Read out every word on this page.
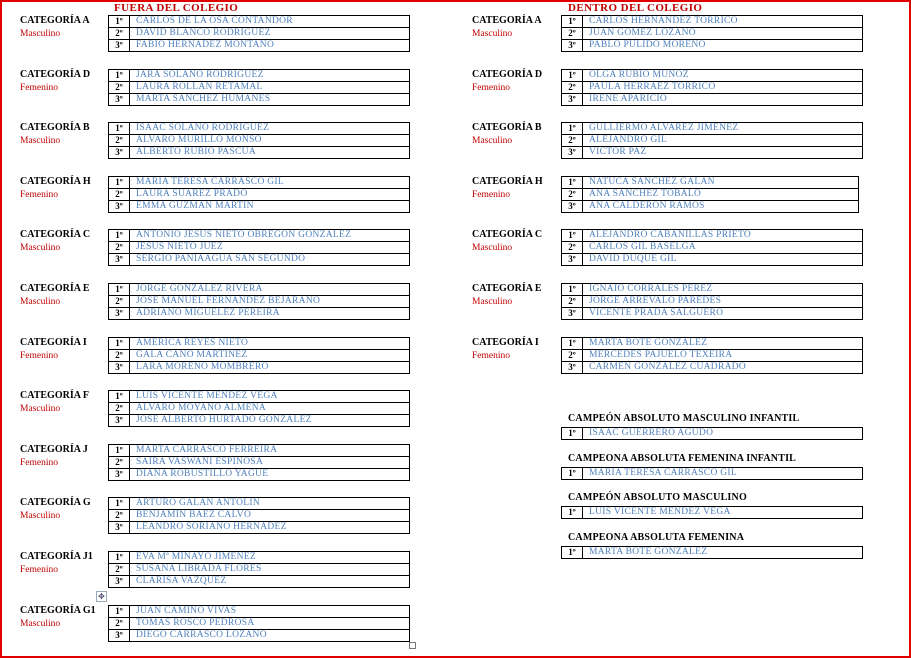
FUERA DEL COLEGIO	DENTRO DEL COLEGIO
CATEGORÍA A
Masculino
1º	CARLOS DE LA OSA CONTANDOR
2º	DAVID BLANCO RODRIGUEZ
3º	FABIO HERNADEZ MONTAÑO
CATEGORÍA D
Femenino
1º	JARA SOLANO RODRIGUEZ
2º	LAURA ROLLAN RETAMAL
3º	MARTA SANCHEZ HUMANES
CATEGORÍA B
Masculino
1º	ISAAC SOLANO RODRIGUEZ
2º	ALVARO MURILLO MONSO
3º	ALBERTO RUBIO PASCUA
CATEGORÍA H
Femenino
1º	MARIA TERESA CARRASCO GIL
2º	LAURA SUAREZ PRADO
3º	EMMA GUZMAN MARTIN
CATEGORÍA C
Masculino
1º	ANTONIO JESUS NIETO OBREGON GONZALEZ
2º	JESUS NIETO JUEZ
3º	SERGIO PANIAAGUA SAN SEGUNDO
CATEGORÍA E
Masculino
1º	JORGE GONZALEZ RIVERA
2º	JOSE MANUEL FERNANDEZ BEJARANO
3º	ADRIANO MIGUELEZ PEREIRA
CATEGORÍA I
Femenino
1º	AMERICA REYES NIETO
2º	GALA CANO MARTINEZ
3º	LARA MORENO MOMBRERO
CATEGORÍA F
Masculino
1º	LUIS VICENTE MENDEZ VEGA
2º	ALVARO MOYANO ALMENA
3º	JOSE ALBERTO HURTADO GONZALEZ
CATEGORÍA J
Femenino
1º	MARTA CARRASCO FERREIRA
2º	SAIRA VASWANI ESPINOSA
3º	DIANA ROBUSTILLO YAGUE
CATEGORÍA G
Masculino
1º	ARTURO GALAN ANTOLIN
2º	BENJAMIN BAEZ CALVO
3º	LEANDRO SORIANO HERNADEZ
CATEGORÍA J1
Femenino
1º	EVA Mª MINAYO JIMENEZ
2º	SUSANA LIBRADA FLORES
3º	CLARISA VAZQUEZ
CATEGORÍA G1
Masculino
1º	JUAN CAMINO VIVAS
2º	TOMAS ROSCO PEDROSA
3º	DIEGO CARRASCO LOZANO
CATEGORÍA A
Masculino
1º	CARLOS HERNANDEZ TORRICO
2º	JUAN GOMEZ LOZANO
3º	PABLO PULIDO MORENO
CATEGORÍA D
Femenino
1º	OLGA RUBIO MUÑOZ
2º	PAULA HERRAEZ TORRICO
3º	IRENE APARICIO
CATEGORÍA B
Masculino
1º	GULLIERMO ALVAREZ JIMENEZ
2º	ALEJANDRO GIL
3º	VICTOR PAZ
CATEGORÍA H
Femenino
1º	NATUCA SANCHEZ GALAN
2º	ANA SANCHEZ TOBALO
3º	ANA CALDERON RAMOS
CATEGORÍA C
Masculino
1º	ALEJANDRO CABANILLAS PRIETO
2º	CARLOS GIL BASELGA
3º	DAVID DUQUE GIL
CATEGORÍA E
Masculino
1º	IGNAIO CORRALES PEREZ
2º	JORGE ARREVALO PAREDES
3º	VICENTE PRADA SALGUERO
CATEGORÍA I
Femenino
1º	MARTA BOTE GONZALEZ
2º	MERCEDES PAJUELO TEXEIRA
3º	CARMEN GONZALEZ CUADRADO
CAMPEÓN ABSOLUTO MASCULINO INFANTIL
1º	ISAAC GUERRERO AGUDO
CAMPEONA ABSOLUTA FEMENINA INFANTIL
1º	MARIA TERESA CARRASCO GIL
CAMPEÓN ABSOLUTO MASCULINO
1º	LUIS VICENTE MENDEZ VEGA
CAMPEONA ABSOLUTA FEMENINA
1º	MARTA BOTE GONZALEZ
✥
